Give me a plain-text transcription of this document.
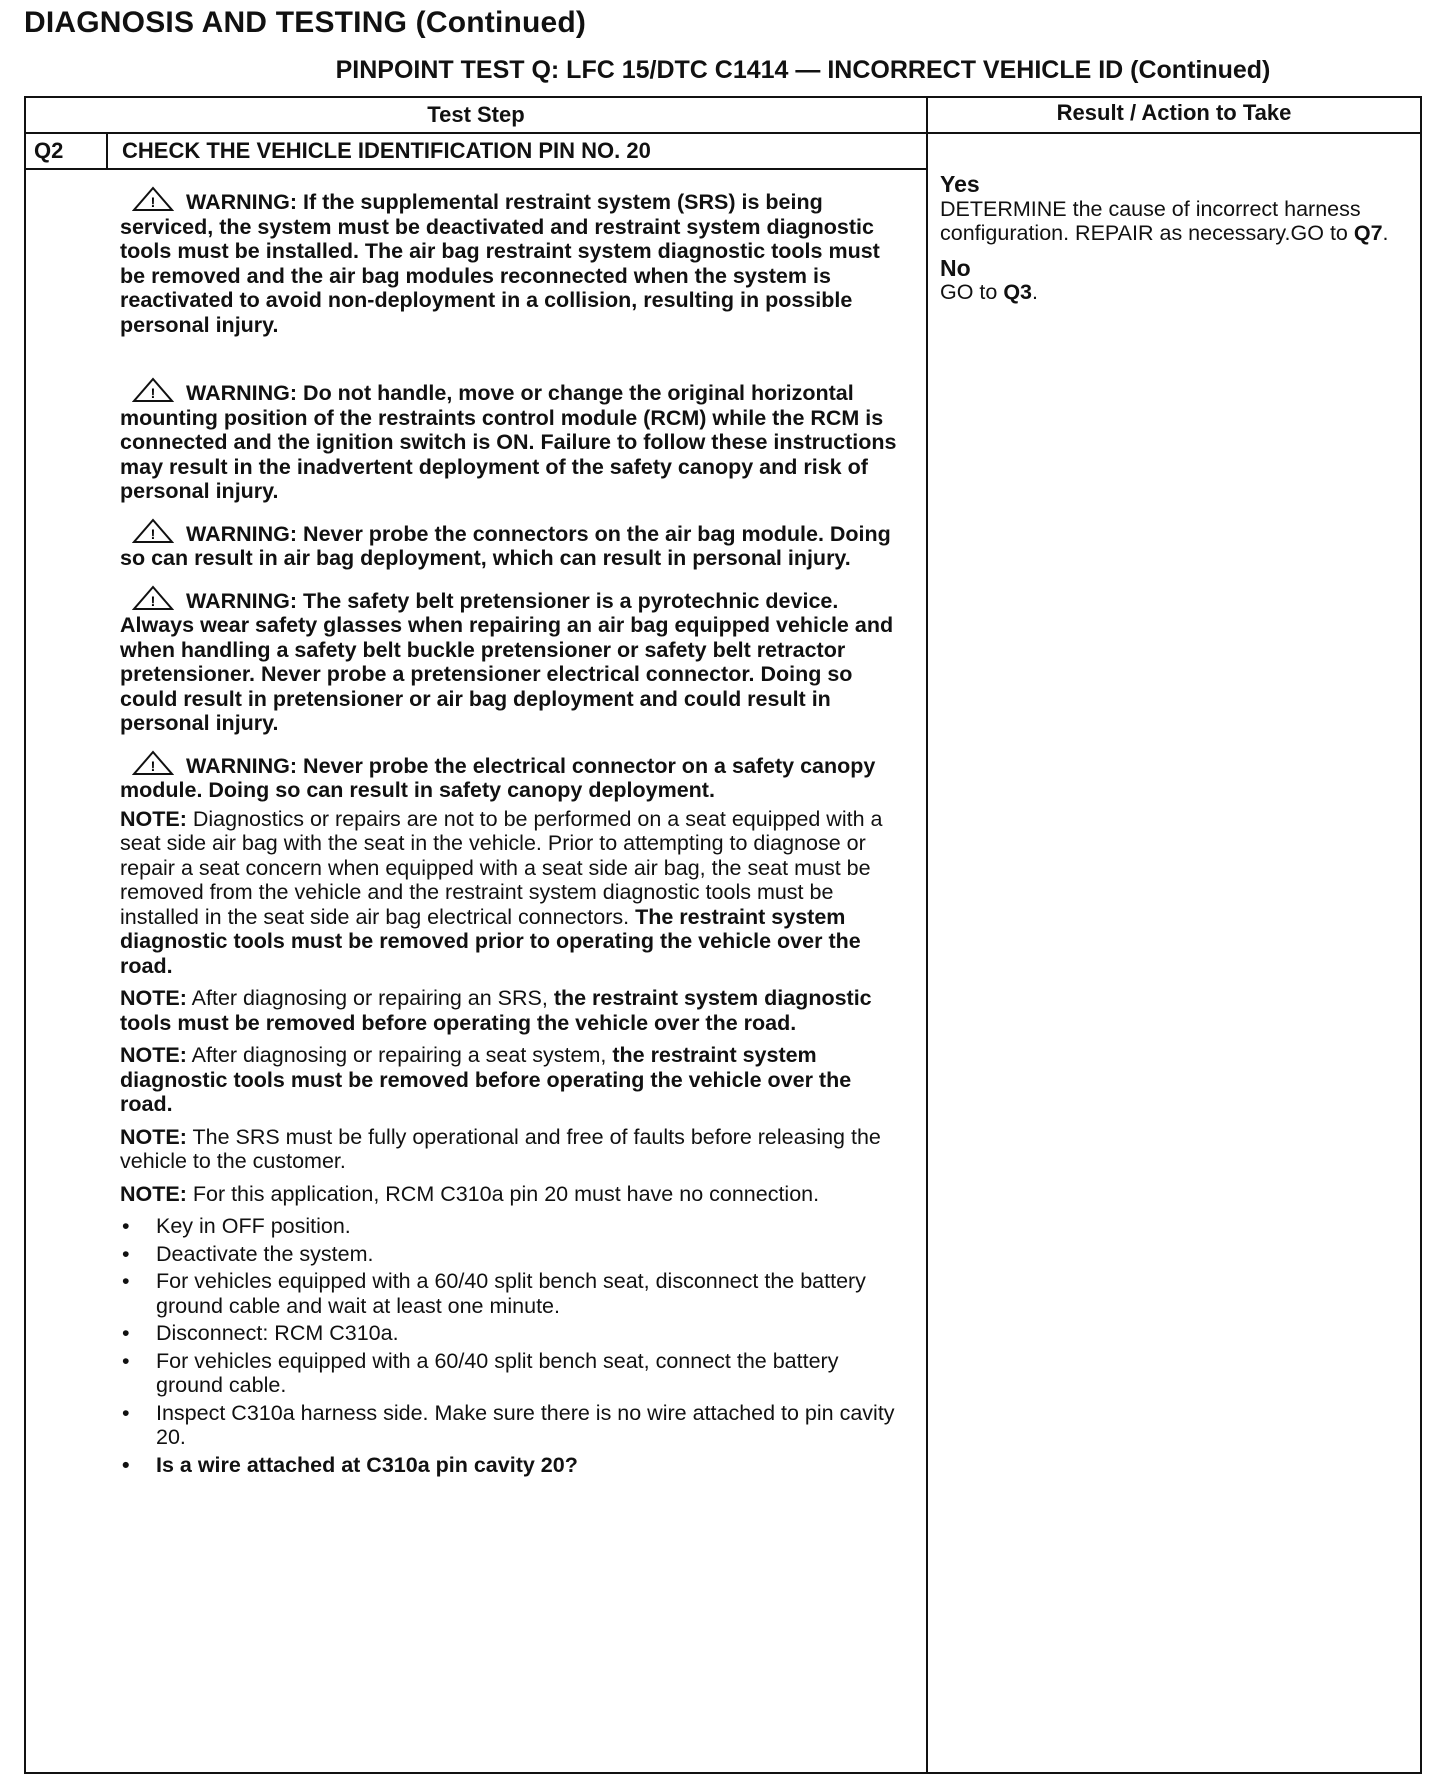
DIAGNOSIS AND TESTING (Continued)
PINPOINT TEST Q: LFC 15/DTC C1414 — INCORRECT VEHICLE ID (Continued)
Test Step	Result / Action to Take
Q2	CHECK THE VEHICLE IDENTIFICATION PIN NO. 20

! WARNING: If the supplemental restraint system (SRS) is being serviced, the system must be deactivated and restraint system diagnostic tools must be installed. The air bag restraint system diagnostic tools must be removed and the air bag modules reconnected when the system is reactivated to avoid non-deployment in a collision, resulting in possible personal injury.

! WARNING: Do not handle, move or change the original horizontal mounting position of the restraints control module (RCM) while the RCM is connected and the ignition switch is ON. Failure to follow these instructions may result in the inadvertent deployment of the safety canopy and risk of personal injury.

! WARNING: Never probe the connectors on the air bag module. Doing so can result in air bag deployment, which can result in personal injury.

! WARNING: The safety belt pretensioner is a pyrotechnic device. Always wear safety glasses when repairing an air bag equipped vehicle and when handling a safety belt buckle pretensioner or safety belt retractor pretensioner. Never probe a pretensioner electrical connector. Doing so could result in pretensioner or air bag deployment and could result in personal injury.

! WARNING: Never probe the electrical connector on a safety canopy module. Doing so can result in safety canopy deployment.

NOTE: Diagnostics or repairs are not to be performed on a seat equipped with a seat side air bag with the seat in the vehicle. Prior to attempting to diagnose or repair a seat concern when equipped with a seat side air bag, the seat must be removed from the vehicle and the restraint system diagnostic tools must be installed in the seat side air bag electrical connectors. The restraint system diagnostic tools must be removed prior to operating the vehicle over the road.

NOTE: After diagnosing or repairing an SRS, the restraint system diagnostic tools must be removed before operating the vehicle over the road.

NOTE: After diagnosing or repairing a seat system, the restraint system diagnostic tools must be removed before operating the vehicle over the road.

NOTE: The SRS must be fully operational and free of faults before releasing the vehicle to the customer.

NOTE: For this application, RCM C310a pin 20 must have no connection.

• Key in OFF position.
• Deactivate the system.
• For vehicles equipped with a 60/40 split bench seat, disconnect the battery ground cable and wait at least one minute.
• Disconnect: RCM C310a.
• For vehicles equipped with a 60/40 split bench seat, connect the battery ground cable.
• Inspect C310a harness side. Make sure there is no wire attached to pin cavity 20.
• Is a wire attached at C310a pin cavity 20?
Yes

DETERMINE the cause of incorrect harness configuration. REPAIR as necessary.GO to Q7.

No

GO to Q3.
